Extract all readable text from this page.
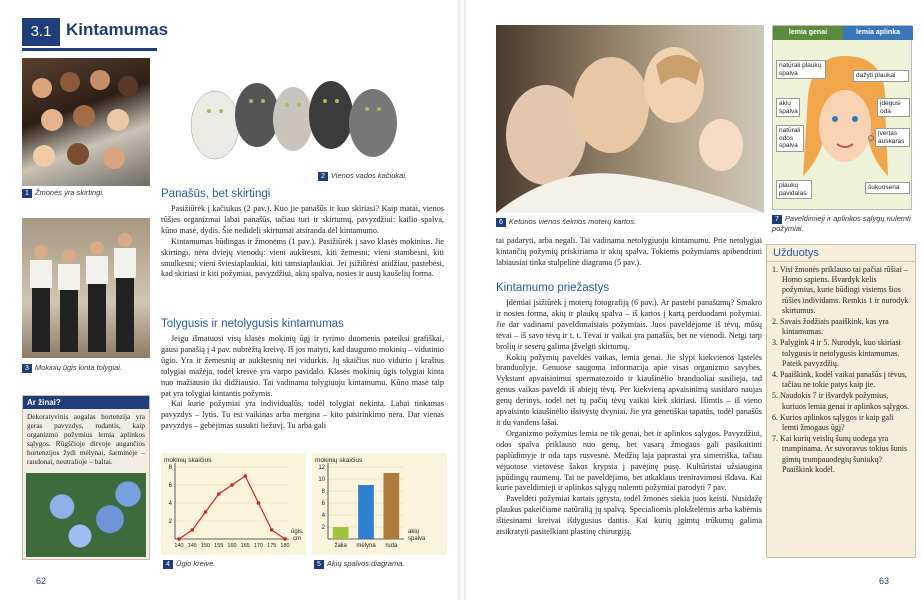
3.1 Kintamumas
1 Žmonės yra skirtingi.
3 Mokinių ūgis kinta tolygiai.
Ar žinai?
Dekoratyvinis augalas hortenzija yra geras pavyzdys, rodantis, kaip organizmo požymius lemia aplinkos sąlygos. Rūgščioje dirvoje augančios hortenzijos žydi mėlynai, šarminėje – raudonai, neutralioje – baltai.
2 Vienos vados kačiukai.
Panašūs, bet skirtingi

Pasižiūrėk į kačiukus (2 pav.). Kuo jie panašūs ir kuo skiriasi? Kaip matai, vienos rūšies organizmai labai panašūs, tačiau turi ir skirtumų, pavyzdžiui: kailio spalva, kūno masė, dydis. Šie nedideli skirtumai atsiranda dėl kintamumo.

Kintamumas būdingas ir žmonėms (1 pav.). Pasižiūrėk į savo klasės mokinius. Jie skirtingi, nėra dviejų vienodų: vieni aukštesni, kiti žemesni; vieni stambesni, kiti smulkesni; vieni šviesiaplaukiai, kiti tamsiaplaukiai. Jei įsižiūrėsi atidžiau, pastebėsi, kad skiriasi ir kiti požymiai, pavyzdžiui, akių spalva, nosies ir ausų kaušelių forma.

Tolygusis ir netolygusis kintamumas

Jeigu išmatuosi visų klasės mokinių ūgį ir tyrimo duomenis pateiksi grafiškai, gausi panašią į 4 pav. nubrėžtą kreivę. Iš jos matyti, kad daugumo mokinių – vidutinio ūgio. Yra ir žemesnių ar aukštesnių nei vidurkis. Jų skaičius nuo vidurio į kraštus tolygiai mažėja, todėl kreivė yra varpo pavidalo. Klasės mokinių ūgis tolygiai kinta nuo mažiausio iki didžiausio. Tai vadinama tolygiuoju kintamumu. Kūno masė taip pat yra tolygiai kintantis požymis.

Kai kurie požymiai yra individualūs, todėl tolygiai nekinta. Labai tinkamas pavyzdys – lytis. Tu esi vaikinas arba mergina – kito pasirinkimo nėra. Dar vienas pavyzdys – gebėjimas susukti liežuvį. Tu arba gali

mokinių skaičius
2
4
6
8
140 145 150 155 160 165 170 175 180
ūgis,
cm
4 Ūgio kreivė.
mokinių skaičius
2
4
6
8
10
12
žalia mėlyna ruda
akių
spalva
5 Akių spalvos diagrama.
62
6 Keturios vienos šeimos moterų kartos.

tai padaryti, arba negali. Tai vadinama netolygiuoju kintamumu. Prie netolygiai kintančių požymių priskiriama ir akių spalva. Tokiems požymiams apibendrinti labiausiai tinka stulpelinė diagrama (5 pav.).

Kintamumo priežastys

Įdėmiai įsižiūrėk į moterų fotografiją (6 pav.). Ar pastebi panašumų? Smakro ir nosies forma, akių ir plaukų spalva – iš kartos į kartą perduodami požymiai. Jie dar vadinami paveldimaisiais požymiais. Juos paveldėjome iš tėvų, mūsų tėvai – iš savo tėvų ir t. t. Tėvai ir vaikai yra panašūs, bet ne vienodi. Netgi tarp brolių ir seserų galima įžvelgti skirtumų.

Kokių požymių paveldės vaikas, lemia genai. Jie slypi kiekvienos ląstelės branduolyje. Genuose saugoma informacija apie visas organizmo savybes. Vykstant apvaisinimui spermatozoido ir kiaušinėlio branduoliai susilieja, tad genus vaikas paveldi iš abiejų tėvų. Per kiekvieną apvaisinimą susidaro naujas genų derinys, todėl net tų pačių tėvų vaikai kiek skiriasi. Išimtis – iš vieno apvaisinto kiaušinėlio išsivystę dvyniai. Jie yra genetiškai tapatūs, todėl panašūs it du vandens lašai.

Organizmo požymius lemia ne tik genai, bet ir aplinkos sąlygos. Pavyzdžiui, odos spalva priklauso nuo genų, bet vasarą žmogaus gali pasikaitinti paplūdimyje ir oda taps rusvesnė. Medžių laja paprastai yra simetriška, tačiau vėjuotose vietovėse šakos krypsta į pavėjinę pusę. Kultūristai užsiaugina įspūdingų raumenų. Tai ne paveldėjimo, bet atkaklaus treniravimosi išdava. Kai kurie paveldimieji ir aplinkos sąlygų nulemti požymiai parodyti 7 pav.

Paveldėti požymiai kartais įgrysta, todėl žmonės siekia juos keisti. Nusidažę plaukus pakeičiame natūralią jų spalvą. Specialiomis plokštelėmis arba kabėmis ištiesinami kreivai išdygusius dantis. Kai kurių įgimtų trūkumų galima atsikratyti pasitelkiant plastinę chirurgiją.

lemia genai	lemia aplinka
natūrali plaukų spalva
akių spalva
natūrali odos spalva
plaukų pavidalas
dažyti plaukai
įdegusi oda
įvertas auskaras
šukuosena
7 Paveldimieji ir aplinkos sąlygų nulemti požymiai.
Užduotys
1. Visi žmonės priklauso tai pačiai rūšiai – Homo sapiens. Išvardyk kelis požymius, kurie būdingi visiems šios rūšies individams. Remkis 1 ir nurodyk skirtumus.
2. Savais žodžiais paaiškink, kas yra kintamumas.
3. Palygink 4 ir 5. Nurodyk, kuo skiriasi tolygusis ir netolygusis kintamumas. Pateik pavyzdžių.
4. Paaiškink, kodėl vaikai panašūs į tėvus, tačiau ne tokie patys kaip jie.
5. Naudokis 7 ir išvardyk požymius, kuriuos lemia genai ir aplinkos sąlygos.
6. Kurios aplinkos sąlygos ir kaip gali lemti žmogaus ūgį?
7. Kai kurių veislių šunų uodega yra trumpinama. Ar suvoravus tokius šunis gimtų trumpauodegių šuniukų? Paaiškink kodėl.
63
